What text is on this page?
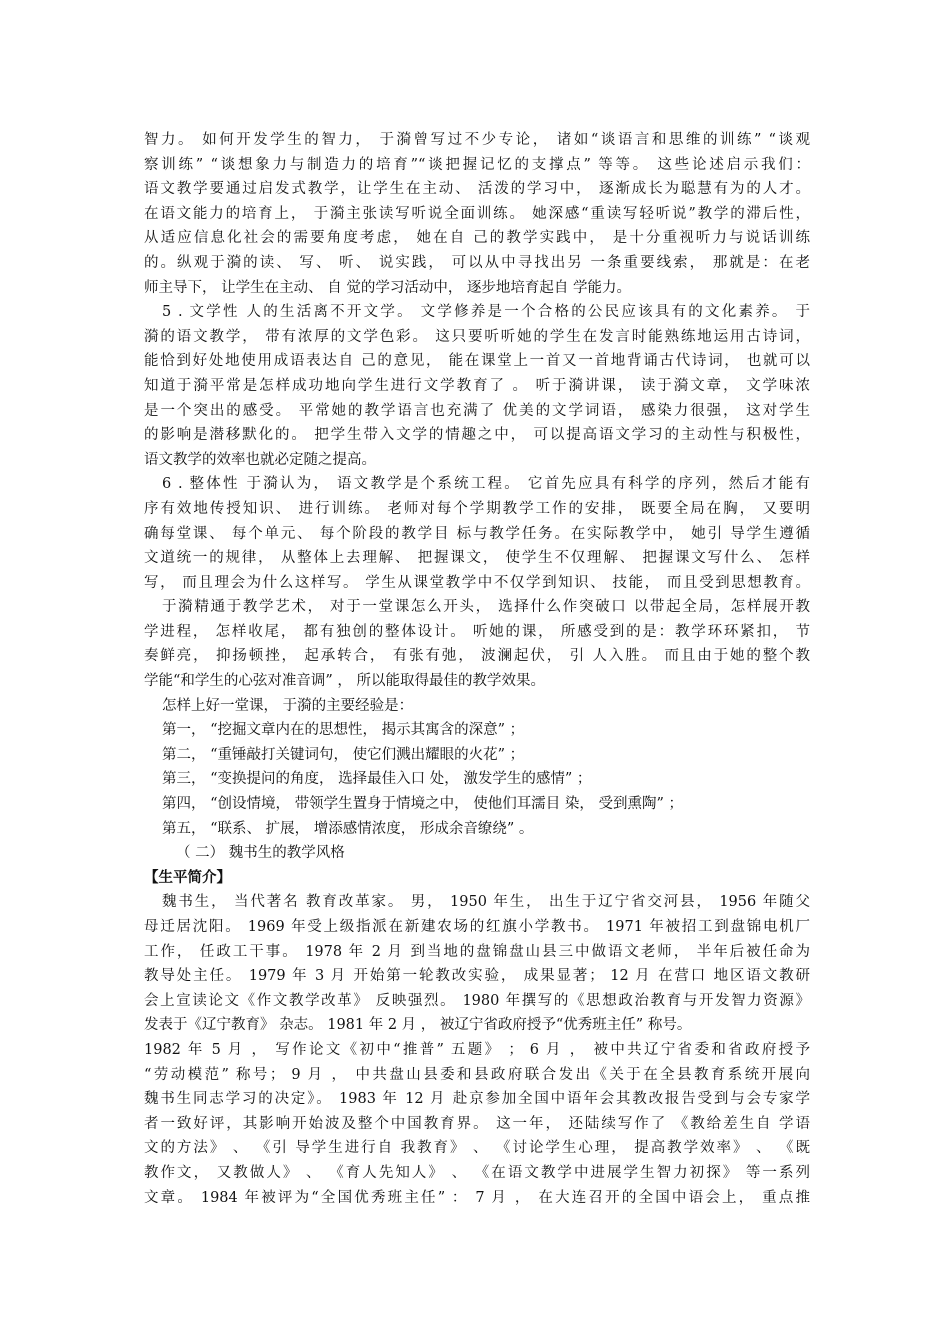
智力。 如何开发学生的智力， 于漪曾写过不少专论， 诸如“谈语言和思维的训练” “谈观
察训练” “谈想象力与制造力的培育”“谈把握记忆的支撑点” 等等。 这些论述启示我们：
语文教学要通过启发式教学，让学生在主动、 活泼的学习中， 逐渐成长为聪慧有为的人才。
在语文能力的培育上， 于漪主张读写听说全面训练。 她深感“重读写轻听说”教学的滞后性，
从适应信息化社会的需要角度考虑， 她在自 己的教学实践中， 是十分重视听力与说话训练
的。纵观于漪的读、 写、 听、 说实践， 可以从中寻找出另 一条重要线索， 那就是：在老
师主导下， 让学生在主动、 自 觉的学习活动中， 逐步地培育起自 学能力。
5 . 文学性 人的生活离不开文学。 文学修养是一个合格的公民应该具有的文化素养。 于
漪的语文教学， 带有浓厚的文学色彩。 这只要听听她的学生在发言时能熟练地运用古诗词，
能恰到好处地使用成语表达自 己的意见， 能在课堂上一首又一首地背诵古代诗词， 也就可以
知道于漪平常是怎样成功地向学生进行文学教育了 。 听于漪讲课， 读于漪文章， 文学味浓
是一个突出的感受。 平常她的教学语言也充满了 优美的文学词语， 感染力很强， 这对学生
的影响是潜移默化的。 把学生带入文学的情趣之中， 可以提高语文学习的主动性与积极性，
语文教学的效率也就必定随之提高。
6 . 整体性 于漪认为， 语文教学是个系统工程。 它首先应具有科学的序列，然后才能有
序有效地传授知识、 进行训练。 老师对每个学期教学工作的安排， 既要全局在胸， 又要明
确每堂课、 每个单元、 每个阶段的教学目 标与教学任务。在实际教学中， 她引 导学生遵循
文道统一的规律， 从整体上去理解、 把握课文， 使学生不仅理解、 把握课文写什么、 怎样
写， 而且理会为什么这样写。 学生从课堂教学中不仅学到知识、 技能， 而且受到思想教育。
于漪精通于教学艺术， 对于一堂课怎么开头， 选择什么作突破口 以带起全局，怎样展开教
学进程， 怎样收尾， 都有独创的整体设计。 听她的课， 所感受到的是：教学环环紧扣， 节
奏鲜亮， 抑扬顿挫， 起承转合， 有张有弛， 波澜起伏， 引 人入胜。 而且由于她的整个教
学能“和学生的心弦对准音调” ， 所以能取得最佳的教学效果。
怎样上好一堂课， 于漪的主要经验是：
第一， “挖掘文章内在的思想性， 揭示其寓含的深意” ；
第二， “重锤敲打关键词句， 使它们溅出耀眼的火花” ；
第三， “变换提问的角度， 选择最佳入口 处， 激发学生的感情” ；
第四， “创设情境， 带领学生置身于情境之中， 使他们耳濡目 染， 受到熏陶” ；
第五， “联系、 扩展， 增添感情浓度， 形成余音缭绕” 。
（ 二） 魏书生的教学风格
【生平简介】
魏书生， 当代著名 教育改革家。 男， 1950 年生， 出生于辽宁省交河县， 1956 年随父
母迁居沈阳。 1969 年受上级指派在新建农场的红旗小学教书。 1971 年被招工到盘锦电机厂
工作， 任政工干事。 1978 年 2 月 到当地的盘锦盘山县三中做语文老师， 半年后被任命为
教导处主任。 1979 年 3 月 开始第一轮教改实验， 成果显著； 12 月 在营口 地区语文教研
会上宣读论文《作文教学改革》 反映强烈。 1980 年撰写的《思想政治教育与开发智力资源》
发表于《辽宁教育》 杂志。 1981 年 2 月 ， 被辽宁省政府授予“优秀班主任” 称号。
1982 年 5 月 ， 写作论文《初中“推普” 五题》 ； 6 月 ， 被中共辽宁省委和省政府授予
“劳动模范” 称号； 9 月 ， 中共盘山县委和县政府联合发出《关于在全县教育系统开展向
魏书生同志学习的决定》。 1983 年 12 月 赴京参加全国中语年会其教改报告受到与会专家学
者一致好评，其影响开始波及整个中国教育界。 这一年， 还陆续写作了 《教给差生自 学语
文的方法》 、 《引 导学生进行自 我教育》 、 《讨论学生心理， 提高教学效率》 、 《既
教作文， 又教做人》 、 《育人先知人》 、 《在语文教学中进展学生智力初探》 等一系列
文章。 1984 年被评为“全国优秀班主任” ： 7 月 ， 在大连召开的全国中语会上， 重点推
